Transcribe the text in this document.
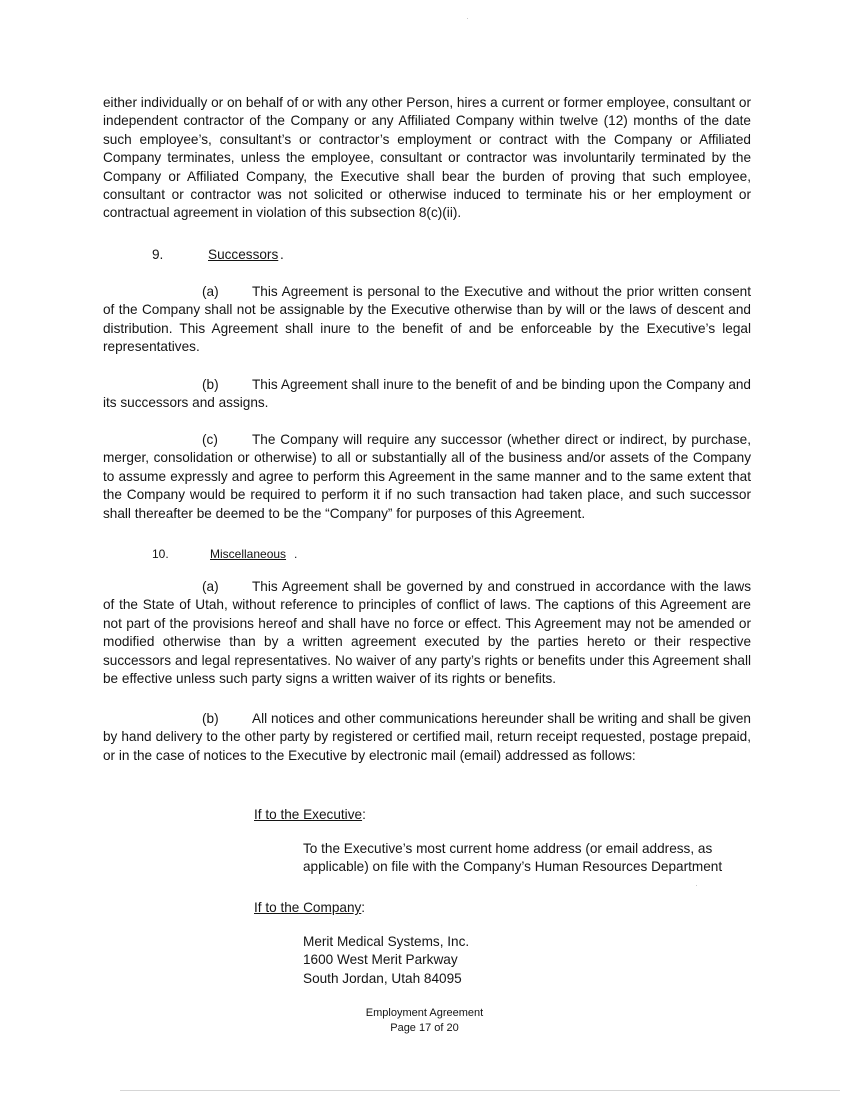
either individually or on behalf of or with any other Person, hires a current or former employee, consultant or independent contractor of the Company or any Affiliated Company within twelve (12) months of the date such employee’s, consultant’s or contractor’s employment or contract with the Company or Affiliated Company terminates, unless the employee, consultant or contractor was involuntarily terminated by the Company or Affiliated Company, the Executive shall bear the burden of proving that such employee, consultant or contractor was not solicited or otherwise induced to terminate his or her employment or contractual agreement in violation of this subsection 8(c)(ii).

9.	Successors .

(a) This Agreement is personal to the Executive and without the prior written consent of the Company shall not be assignable by the Executive otherwise than by will or the laws of descent and distribution. This Agreement shall inure to the benefit of and be enforceable by the Executive’s legal representatives.

(b) This Agreement shall inure to the benefit of and be binding upon the Company and its successors and assigns.

(c)	The Company will require any successor (whether direct or indirect, by purchase, merger, consolidation or otherwise) to all or substantially all of the business and/or assets of the Company to assume expressly and agree to perform this Agreement in the same manner and to the same extent that the Company would be required to perform it if no such transaction had taken place, and such successor shall thereafter be deemed to be the “Company” for purposes of this Agreement.

10.	Miscellaneous .

(a) This Agreement shall be governed by and construed in accordance with the laws of the State of Utah, without reference to principles of conflict of laws. The captions of this Agreement are not part of the provisions hereof and shall have no force or effect. This Agreement may not be amended or modified otherwise than by a written agreement executed by the parties hereto or their respective successors and legal representatives. No waiver of any party’s rights or benefits under this Agreement shall be effective unless such party signs a written waiver of its rights or benefits.

(b) All notices and other communications hereunder shall be writing and shall be given by hand delivery to the other party by registered or certified mail, return receipt requested, postage prepaid, or in the case of notices to the Executive by electronic mail (email) addressed as follows:

If to the Executive:

To the Executive’s most current home address (or email address, as
applicable) on file with the Company’s Human Resources Department

If to the Company:

Merit Medical Systems, Inc.
1600 West Merit Parkway
South Jordan, Utah 84095

Employment Agreement
Page 17 of 20
